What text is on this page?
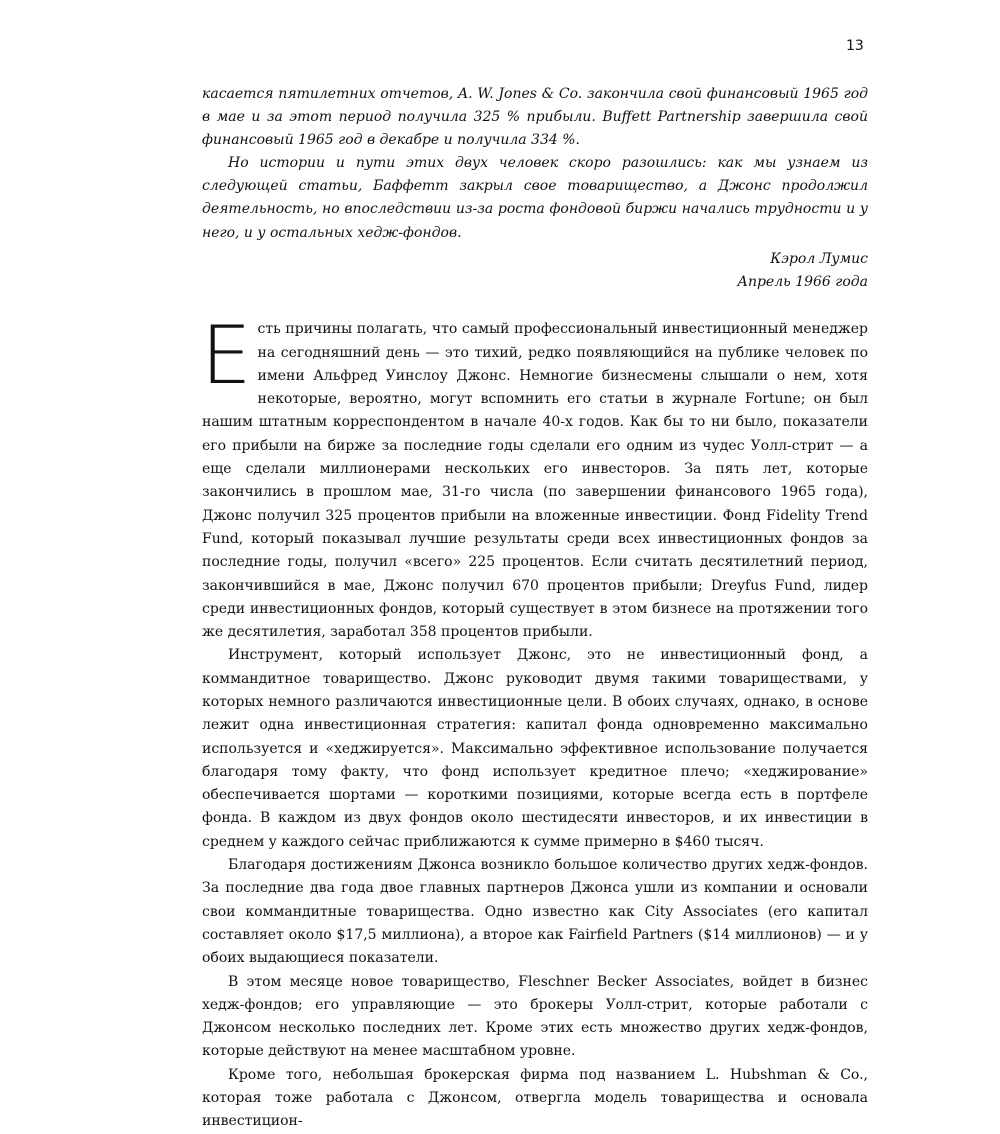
13

касается пятилетних отчетов, A. W. Jones & Co. закончила свой финансовый 1965 год в мае и за этот период получила 325 % прибыли. Buffett Partnership завершила свой финансовый 1965 год в декабре и получила 334 %.

Но истории и пути этих двух человек скоро разошлись: как мы узнаем из следующей статьи, Баффетт закрыл свое товарищество, а Джонс продолжил деятельность, но впоследствии из-за роста фондовой биржи начались трудности и у него, и у остальных хедж-фондов.

Кэрол Лумис
Апрель 1966 года

Есть причины полагать, что самый профессиональный инвестиционный менеджер на сегодняшний день — это тихий, редко появляющийся на публике человек по имени Альфред Уинслоу Джонс. Немногие бизнесмены слышали о нем, хотя некоторые, вероятно, могут вспомнить его статьи в журнале Fortune; он был нашим штатным корреспондентом в начале 40-х годов. Как бы то ни было, показатели его прибыли на бирже за последние годы сделали его одним из чудес Уолл-стрит — а еще сделали миллионерами нескольких его инвесторов. За пять лет, которые закончились в прошлом мае, 31-го числа (по завершении финансового 1965 года), Джонс получил 325 процентов прибыли на вложенные инвестиции. Фонд Fidelity Trend Fund, который показывал лучшие результаты среди всех инвестиционных фондов за последние годы, получил «всего» 225 процентов. Если считать десятилетний период, закончившийся в мае, Джонс получил 670 процентов прибыли; Dreyfus Fund, лидер среди инвестиционных фондов, который существует в этом бизнесе на протяжении того же десятилетия, заработал 358 процентов прибыли.

Инструмент, который использует Джонс, это не инвестиционный фонд, а коммандитное товарищество. Джонс руководит двумя такими товариществами, у которых немного различаются инвестиционные цели. В обоих случаях, однако, в основе лежит одна инвестиционная стратегия: капитал фонда одновременно максимально используется и «хеджируется». Максимально эффективное использование получается благодаря тому факту, что фонд использует кредитное плечо; «хеджирование» обеспечивается шортами — короткими позициями, которые всегда есть в портфеле фонда. В каждом из двух фондов около шестидесяти инвесторов, и их инвестиции в среднем у каждого сейчас приближаются к сумме примерно в $460 тысяч.

Благодаря достижениям Джонса возникло большое количество других хедж-фондов. За последние два года двое главных партнеров Джонса ушли из компании и основали свои коммандитные товарищества. Одно известно как City Associates (его капитал составляет около $17,5 миллиона), а второе как Fairfield Partners ($14 миллионов) — и у обоих выдающиеся показатели.

В этом месяце новое товарищество, Fleschner Becker Associates, войдет в бизнес хедж-фондов; его управляющие — это брокеры Уолл-стрит, которые работали с Джонсом несколько последних лет. Кроме этих есть множество других хедж-фондов, которые действуют на менее масштабном уровне.

Кроме того, небольшая брокерская фирма под названием L. Hubshman & Co., которая тоже работала с Джонсом, отвергла модель товарищества и основала инвестицион-
